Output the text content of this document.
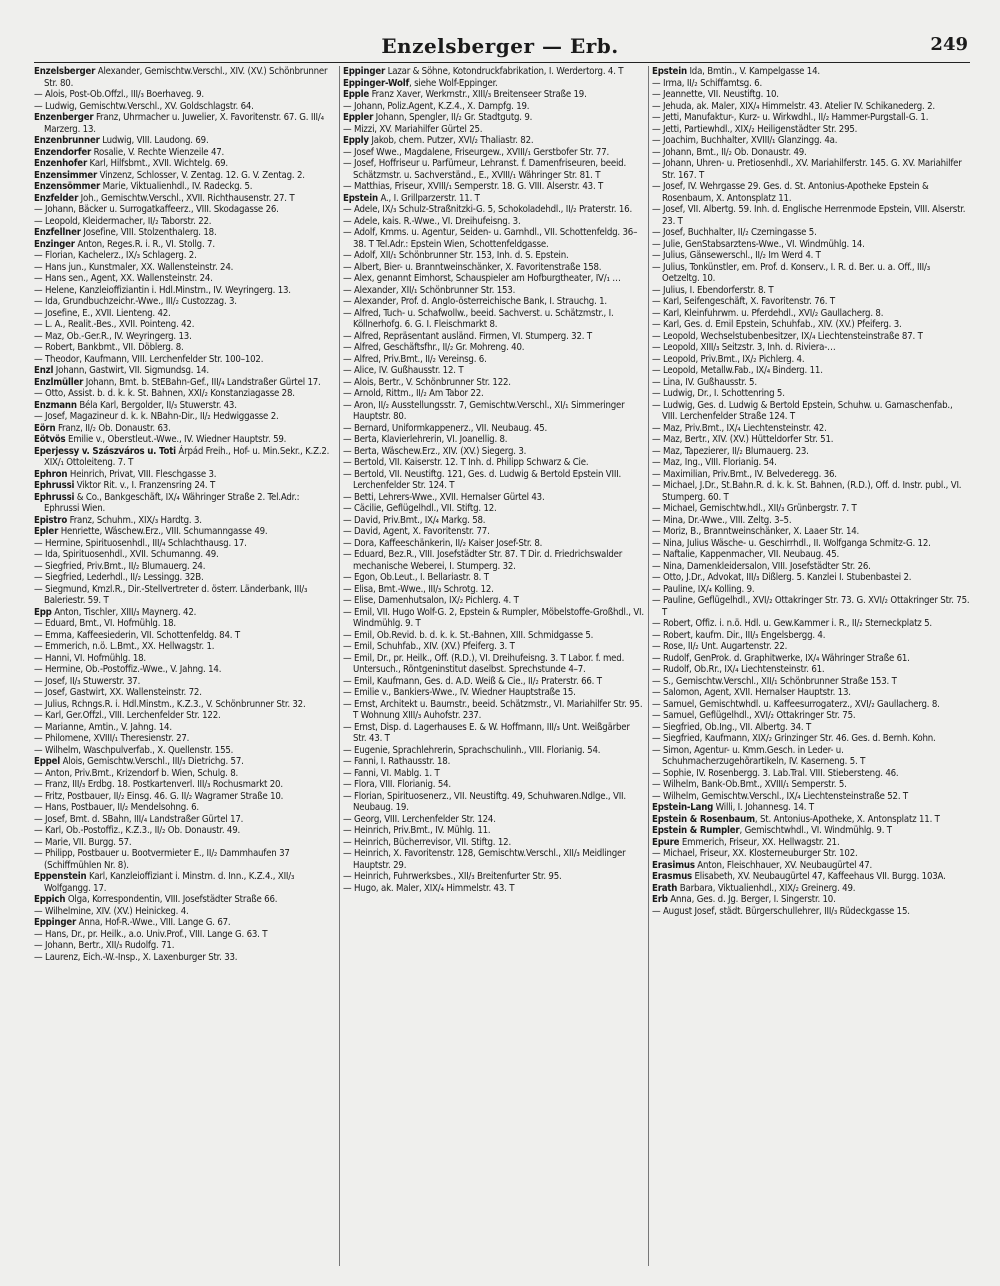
Enzelsberger — Erb.	249

Enzelsberger Alexander, Gemischtw.Verschl., XIV. (XV.) Schönbrunner Str. 80.

— Alois, Post-Ob.Offzl., III/₃ Boerhaveg. 9.

— Ludwig, Gemischtw.Verschl., XV. Goldschlagstr. 64.

Enzenberger Franz, Uhrmacher u. Juwelier, X. Favoritenstr. 67. G. III/₄ Marzerg. 13.

Enzenbrunner Ludwig, VIII. Laudong. 69.

Enzendorfer Rosalie, V. Rechte Wienzeile 47.

Enzenhofer Karl, Hilfsbmt., XVII. Wichtelg. 69.

Enzensimmer Vinzenz, Schlosser, V. Zentag. 12. G. V. Zentag. 2.

Enzensömmer Marie, Viktualienhdl., IV. Radeckg. 5.

Enzfelder Joh., Gemischtw.Verschl., XVII. Richthausenstr. 27. T

— Johann, Bäcker u. Surrogatkaffeerz., VIII. Skodagasse 26.

— Leopold, Kleidermacher, II/₂ Taborstr. 22.

Enzfellner Josefine, VIII. Stolzenthalerg. 18.

Enzinger Anton, Reges.R. i. R., VI. Stollg. 7.

— Florian, Kachelerz., IX/₃ Schlagerg. 2.

— Hans jun., Kunstmaler, XX. Wallensteinstr. 24.

— Hans sen., Agent, XX. Wallensteinstr. 24.

— Helene, Kanzleioffiziantin i. Hdl.Minstm., IV. Weyringerg. 13.

— Ida, Grundbuchzeichr.-Wwe., III/₂ Custozzag. 3.

— Josefine, E., XVII. Lienteng. 42.

— L. A., Realit.-Bes., XVII. Pointeng. 42.

— Maz, Ob.-Ger.R., IV. Weyringerg. 13.

— Robert, Bankbmt., VII. Döblerg. 8.

— Theodor, Kaufmann, VIII. Lerchenfelder Str. 100–102.

Enzl Johann, Gastwirt, VII. Sigmundsg. 14.

Enzlmüller Johann, Bmt. b. StEBahn-Gef., III/₄ Landstraßer Gürtel 17.

— Otto, Assist. b. d. k. k. St. Bahnen, XXI/₂ Konstanziagasse 28.

Enzmann Béla Karl, Bergolder, II/₃ Stuwerstr. 43.

— Josef, Magazineur d. k. k. NBahn-Dir., II/₂ Hedwiggasse 2.

Eörn Franz, II/₂ Ob. Donaustr. 63.

Eötvös Emilie v., Oberstleut.-Wwe., IV. Wiedner Hauptstr. 59.

Eperjessy v. Szászváros u. Toti Árpád Freih., Hof- u. Min.Sekr., K.Z.2. XIX/₁ Ottoleiteng. 7. T

Ephron Heinrich, Privat, VIII. Fleschgasse 3.

Ephrussi Viktor Rit. v., I. Franzensring 24. T

Ephrussi & Co., Bankgeschäft, IX/₄ Währinger Straße 2. Tel.Adr.: Ephrussi Wien.

Epistro Franz, Schuhm., XIX/₃ Hardtg. 3.

Epler Henriette, Wäschew.Erz., VIII. Schumanngasse 49.

— Hermine, Spirituosenhdl., III/₄ Schlachthausg. 17.

— Ida, Spirituosenhdl., XVII. Schumanng. 49.

— Siegfried, Priv.Bmt., II/₂ Blumauerg. 24.

— Siegfried, Lederhdl., II/₂ Lessingg. 32B.

— Siegmund, Kmzl.R., Dir.-Stellvertreter d. österr. Länderbank, III/₃ Baleriestr. 59. T

Epp Anton, Tischler, XIII/₃ Maynerg. 42.

— Eduard, Bmt., VI. Hofmühlg. 18.

— Emma, Kaffeesiederin, VII. Schottenfeldg. 84. T

— Emmerich, n.ö. L.Bmt., XX. Hellwagstr. 1.

— Hanni, VI. Hofmühlg. 18.

— Hermine, Ob.-Postoffiz.-Wwe., V. Jahng. 14.

— Josef, II/₃ Stuwerstr. 37.

— Josef, Gastwirt, XX. Wallensteinstr. 72.

— Julius, Rchngs.R. i. Hdl.Minstm., K.Z.3., V. Schönbrunner Str. 32.

— Karl, Ger.Offzl., VIII. Lerchenfelder Str. 122.

— Marianne, Amtin., V. Jahng. 14.

— Philomene, XVIII/₁ Theresienstr. 27.

— Wilhelm, Waschpulverfab., X. Quellenstr. 155.

Eppel Alois, Gemischtw.Verschl., III/₃ Dietrichg. 57.

— Anton, Priv.Bmt., Krizendorf b. Wien, Schulg. 8.

— Franz, III/₃ Erdbg. 18. Postkartenverl. III/₃ Rochusmarkt 20.

— Fritz, Postbauer, II/₂ Einsg. 46. G. II/₂ Wagramer Straße 10.

— Hans, Postbauer, II/₂ Mendelsohng. 6.

— Josef, Bmt. d. SBahn, III/₄ Landstraßer Gürtel 17.

— Karl, Ob.-Postoffiz., K.Z.3., II/₂ Ob. Donaustr. 49.

— Marie, VII. Burgg. 57.

— Philipp, Postbauer u. Bootvermieter E., II/₂ Dammhaufen 37 (Schiffmühlen Nr. 8).

Eppenstein Karl, Kanzleioffiziant i. Minstm. d. Inn., K.Z.4., XII/₃ Wolfgangg. 17.

Eppich Olga, Korrespondentin, VIII. Josefstädter Straße 66.

— Wilhelmine, XIV. (XV.) Heinickeg. 4.

Eppinger Anna, Hof-R.-Wwe., VIII. Lange G. 67.

— Hans, Dr., pr. Heilk., a.o. Univ.Prof., VIII. Lange G. 63. T

— Johann, Bertr., XII/₃ Rudolfg. 71.

— Laurenz, Eich.-W.-Insp., X. Laxenburger Str. 33.

Eppinger Lazar & Söhne, Kotondruckfabrikation, I. Werdertorg. 4. T

Eppinger-Wolf, siehe Wolf-Eppinger.

Epple Franz Xaver, Werkmstr., XIII/₃ Breitenseer Straße 19.

— Johann, Poliz.Agent, K.Z.4., X. Dampfg. 19.

Eppler Johann, Spengler, II/₂ Gr. Stadtgutg. 9.

— Mizzi, XV. Mariahilfer Gürtel 25.

Epply Jakob, chem. Putzer, XVI/₂ Thaliastr. 82.

— Josef Wwe., Magdalene, Friseurgew., XVIII/₁ Gerstbofer Str. 77.

— Josef, Hoffriseur u. Parfümeur, Lehranst. f. Damenfriseuren, beeid. Schätzmstr. u. Sachverständ., E., XVIII/₁ Währinger Str. 81. T

— Matthias, Friseur, XVIII/₁ Semperstr. 18. G. VIII. Alserstr. 43. T

Epstein A., I. Grillparzerstr. 11. T

— Adele, IX/₃ Schulz-Straßnitzki-G. 5, Schokoladehdl., II/₂ Praterstr. 16.

— Adele, kais. R.-Wwe., VI. Dreihufeisng. 3.

— Adolf, Kmms. u. Agentur, Seiden- u. Garnhdl., VII. Schottenfeldg. 36–38. T Tel.Adr.: Epstein Wien, Schottenfeldgasse.

— Adolf, XII/₁ Schönbrunner Str. 153, Inh. d. S. Epstein.

— Albert, Bier- u. Branntweinschänker, X. Favoritenstraße 158.

— Alex, genannt Eimhorst, Schauspieler am Hofburgtheater, IV/₁ …

— Alexander, XII/₁ Schönbrunner Str. 153.

— Alexander, Prof. d. Anglo-österreichische Bank, I. Strauchg. 1.

— Alfred, Tuch- u. Schafwollw., beeid. Sachverst. u. Schätzmstr., I. Köllnerhofg. 6. G. I. Fleischmarkt 8.

— Alfred, Repräsentant ausländ. Firmen, VI. Stumperg. 32. T

— Alfred, Geschäftsfhr., II/₂ Gr. Mohreng. 40.

— Alfred, Priv.Bmt., II/₂ Vereinsg. 6.

— Alice, IV. Gußhausstr. 12. T

— Alois, Bertr., V. Schönbrunner Str. 122.

— Arnold, Rittm., II/₂ Am Tabor 22.

— Aron, II/₂ Ausstellungsstr. 7, Gemischtw.Verschl., XI/₁ Simmeringer Hauptstr. 80.

— Bernard, Uniformkappenerz., VII. Neubaug. 45.

— Berta, Klavierlehrerin, VI. Joanellig. 8.

— Berta, Wäschew.Erz., XIV. (XV.) Siegerg. 3.

— Bertold, VII. Kaiserstr. 12. T Inh. d. Philipp Schwarz & Cie.

— Bertold, VII. Neustiftg. 121, Ges. d. Ludwig & Bertold Epstein VIII. Lerchenfelder Str. 124. T

— Betti, Lehrers-Wwe., XVII. Hernalser Gürtel 43.

— Cäcilie, Geflügelhdl., VII. Stiftg. 12.

— David, Priv.Bmt., IX/₄ Markg. 58.

— David, Agent, X. Favoritenstr. 77.

— Dora, Kaffeeschänkerin, II/₂ Kaiser Josef-Str. 8.

— Eduard, Bez.R., VIII. Josefstädter Str. 87. T Dir. d. Friedrichswalder mechanische Weberei, I. Stumperg. 32.

— Egon, Ob.Leut., I. Bellariastr. 8. T

— Elisa, Bmt.-Wwe., III/₃ Schrotg. 12.

— Elise, Damenhutsalon, IX/₂ Pichlerg. 4. T

— Emil, VII. Hugo Wolf-G. 2, Epstein & Rumpler, Möbelstoffe-Großhdl., VI. Windmühlg. 9. T

— Emil, Ob.Revid. b. d. k. k. St.-Bahnen, XIII. Schmidgasse 5.

— Emil, Schuhfab., XIV. (XV.) Pfeiferg. 3. T

— Emil, Dr., pr. Heilk., Off. (R.D.), VI. Dreihufeisng. 3. T Labor. f. med. Untersuch., Röntgeninstitut daselbst. Sprechstunde 4–7.

— Emil, Kaufmann, Ges. d. A.D. Weiß & Cie., II/₂ Praterstr. 66. T

— Emilie v., Bankiers-Wwe., IV. Wiedner Hauptstraße 15.

— Ernst, Architekt u. Baumstr., beeid. Schätzmstr., VI. Mariahilfer Str. 95. T Wohnung XIII/₃ Auhofstr. 237.

— Ernst, Disp. d. Lagerhauses E. & W. Hoffmann, III/₃ Unt. Weißgärber Str. 43. T

— Eugenie, Sprachlehrerin, Sprachschulinh., VIII. Florianig. 54.

— Fanni, I. Rathausstr. 18.

— Fanni, VI. Mablg. 1. T

— Flora, VIII. Florianig. 54.

— Florian, Spirituosenerz., VII. Neustiftg. 49, Schuhwaren.Ndlge., VII. Neubaug. 19.

— Georg, VIII. Lerchenfelder Str. 124.

— Heinrich, Priv.Bmt., IV. Mühlg. 11.

— Heinrich, Bücherrevisor, VII. Stiftg. 12.

— Heinrich, X. Favoritenstr. 128, Gemischtw.Verschl., XII/₃ Meidlinger Hauptstr. 29.

— Heinrich, Fuhrwerksbes., XII/₃ Breitenfurter Str. 95.

— Hugo, ak. Maler, XIX/₄ Himmelstr. 43. T

Epstein Ida, Bmtin., V. Kampelgasse 14.

— Irma, II/₂ Schiffamtsg. 6.

— Jeannette, VII. Neustiftg. 10.

— Jehuda, ak. Maler, XIX/₄ Himmelstr. 43. Atelier IV. Schikanederg. 2.

— Jetti, Manufaktur-, Kurz- u. Wirkwdhl., II/₂ Hammer-Purgstall-G. 1.

— Jetti, Partiewhdl., XIX/₂ Heiligenstädter Str. 295.

— Joachim, Buchhalter, XVIII/₁ Glanzingg. 4a.

— Johann, Bmt., II/₂ Ob. Donaustr. 49.

— Johann, Uhren- u. Pretiosenhdl., XV. Mariahilferstr. 145. G. XV. Mariahilfer Str. 167. T

— Josef, IV. Wehrgasse 29. Ges. d. St. Antonius-Apotheke Epstein & Rosenbaum, X. Antonsplatz 11.

— Josef, VII. Albertg. 59. Inh. d. Englische Herrenmode Epstein, VIII. Alserstr. 23. T

— Josef, Buchhalter, II/₂ Czerningasse 5.

— Julie, GenStabsarztens-Wwe., VI. Windmühlg. 14.

— Julius, Gänsewerschl., II/₂ Im Werd 4. T

— Julius, Tonkünstler, em. Prof. d. Konserv., I. R. d. Ber. u. a. Off., III/₃ Oetzeltg. 10.

— Julius, I. Ebendorferstr. 8. T

— Karl, Seifengeschäft, X. Favoritenstr. 76. T

— Karl, Kleinfuhrwm. u. Pferdehdl., XVI/₂ Gaullacherg. 8.

— Karl, Ges. d. Emil Epstein, Schuhfab., XIV. (XV.) Pfeiferg. 3.

— Leopold, Wechselstubenbesitzer, IX/₄ Liechtensteinstraße 87. T

— Leopold, XIII/₃ Seitzstr. 3, Inh. d. Riviera-…

— Leopold, Priv.Bmt., IX/₂ Pichlerg. 4.

— Leopold, Metallw.Fab., IX/₄ Binderg. 11.

— Lina, IV. Gußhausstr. 5.

— Ludwig, Dr., I. Schottenring 5.

— Ludwig, Ges. d. Ludwig & Bertold Epstein, Schuhw. u. Gamaschenfab., VIII. Lerchenfelder Straße 124. T

— Maz, Priv.Bmt., IX/₄ Liechtensteinstr. 42.

— Maz, Bertr., XIV. (XV.) Hütteldorfer Str. 51.

— Maz, Tapezierer, II/₂ Blumauerg. 23.

— Maz, Ing., VIII. Florianig. 54.

— Maximilian, Priv.Bmt., IV. Belvederegg. 36.

— Michael, J.Dr., St.Bahn.R. d. k. k. St. Bahnen, (R.D.), Off. d. Instr. publ., VI. Stumperg. 60. T

— Michael, Gemischtw.hdl., XII/₃ Grünbergstr. 7. T

— Mina, Dr.-Wwe., VIII. Zeltg. 3–5.

— Moriz, B., Branntweinschänker, X. Laaer Str. 14.

— Nina, Julius Wäsche- u. Geschirrhdl., II. Wolfganga Schmitz-G. 12.

— Naftalie, Kappenmacher, VII. Neubaug. 45.

— Nina, Damenkleidersalon, VIII. Josefstädter Str. 26.

— Otto, J.Dr., Advokat, III/₃ Dißlerg. 5. Kanzlei I. Stubenbastei 2.

— Pauline, IX/₄ Kolling. 9.

— Pauline, Geflügelhdl., XVI/₂ Ottakringer Str. 73. G. XVI/₂ Ottakringer Str. 75. T

— Robert, Offiz. i. n.ö. Hdl. u. Gew.Kammer i. R., II/₂ Sterneckplatz 5.

— Robert, kaufm. Dir., III/₃ Engelsbergg. 4.

— Rose, II/₂ Unt. Augartenstr. 22.

— Rudolf, GenProk. d. Graphitwerke, IX/₄ Währinger Straße 61.

— Rudolf, Ob.Rr., IX/₄ Liechtensteinstr. 61.

— S., Gemischtw.Verschl., XII/₁ Schönbrunner Straße 153. T

— Salomon, Agent, XVII. Hernalser Hauptstr. 13.

— Samuel, Gemischtwhdl. u. Kaffeesurrogaterz., XVI/₂ Gaullacherg. 8.

— Samuel, Geflügelhdl., XVI/₂ Ottakringer Str. 75.

— Siegfried, Ob.Ing., VII. Albertg. 34. T

— Siegfried, Kaufmann, XIX/₂ Grinzinger Str. 46. Ges. d. Bernh. Kohn.

— Simon, Agentur- u. Kmm.Gesch. in Leder- u. Schuhmacherzugehörartikeln, IV. Kaserneng. 5. T

— Sophie, IV. Rosenbergg. 3. Lab.Tral. VIII. Stiebersteng. 46.

— Wilhelm, Bank-Ob.Bmt., XVIII/₁ Semperstr. 5.

— Wilhelm, Gemischtw.Verschl., IX/₄ Liechtensteinstraße 52. T

Epstein-Lang Willi, I. Johannesg. 14. T

Epstein & Rosenbaum, St. Antonius-Apotheke, X. Antonsplatz 11. T

Epstein & Rumpler, Gemischtwhdl., VI. Windmühlg. 9. T

Epure Emmerich, Friseur, XX. Hellwagstr. 21.

— Michael, Friseur, XX. Klosterneuburger Str. 102.

Erasimus Anton, Fleischhauer, XV. Neubaugürtel 47.

Erasmus Elisabeth, XV. Neubaugürtel 47, Kaffeehaus VII. Burgg. 103A.

Erath Barbara, Viktualienhdl., XIX/₂ Greinerg. 49.

Erb Anna, Ges. d. Jg. Berger, I. Singerstr. 10.

— August Josef, städt. Bürgerschullehrer, III/₃ Rüdeckgasse 15.
